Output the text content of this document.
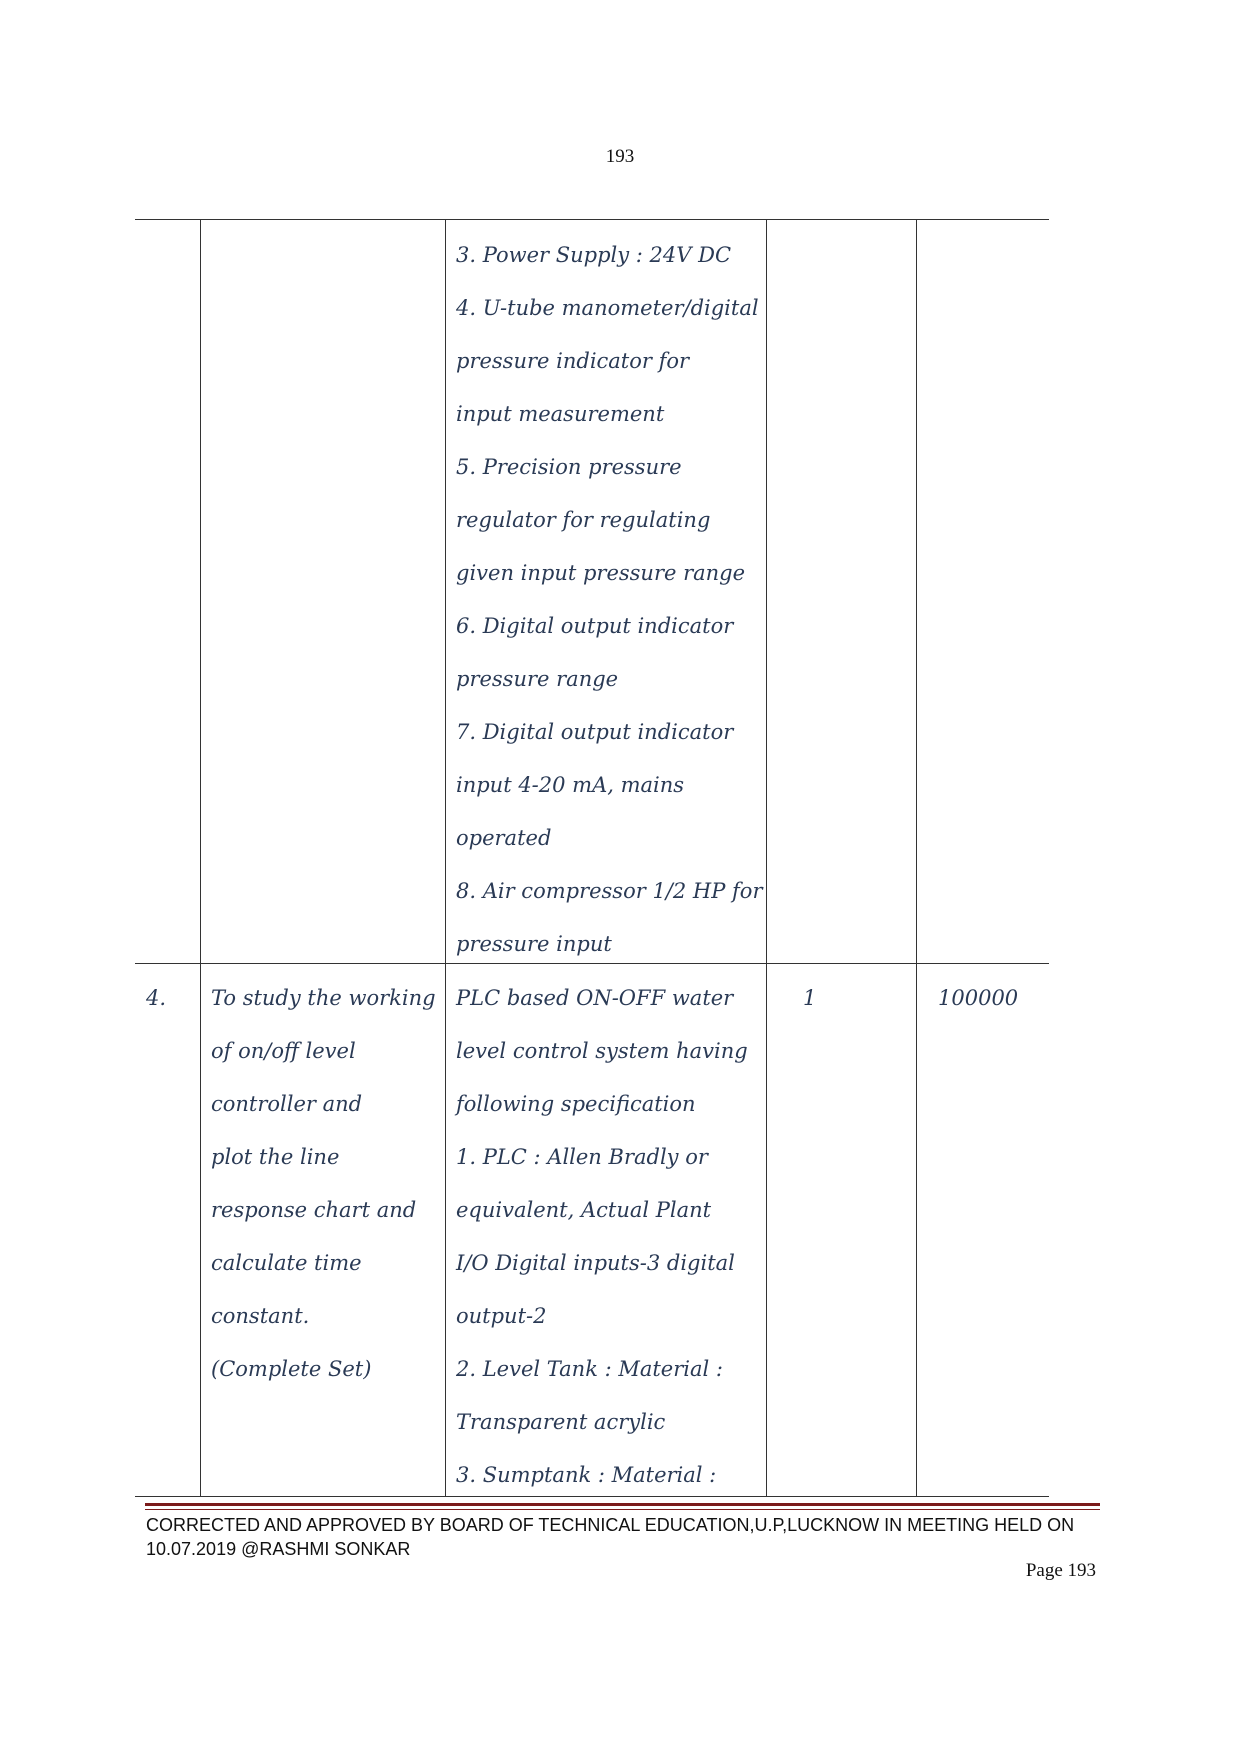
193
3. Power Supply : 24V DC
4. U-tube manometer/digital
pressure indicator for
input measurement
5. Precision pressure
regulator for regulating
given input pressure range
6. Digital output indicator
pressure range
7. Digital output indicator
input 4-20 mA, mains
operated
8. Air compressor 1/2 HP for
pressure input
4. To study the working
of on/off level
controller and
plot the line
response chart and
calculate time
constant.
(Complete Set)
PLC based ON-OFF water
level control system having
following specification
1. PLC : Allen Bradly or
equivalent, Actual Plant
I/O Digital inputs-3 digital
output-2
2. Level Tank : Material :
Transparent acrylic
3. Sumptank : Material :
1	100000
CORRECTED AND APPROVED BY BOARD OF TECHNICAL EDUCATION,U.P,LUCKNOW IN MEETING HELD ON
10.07.2019 @RASHMI SONKAR
Page 193
